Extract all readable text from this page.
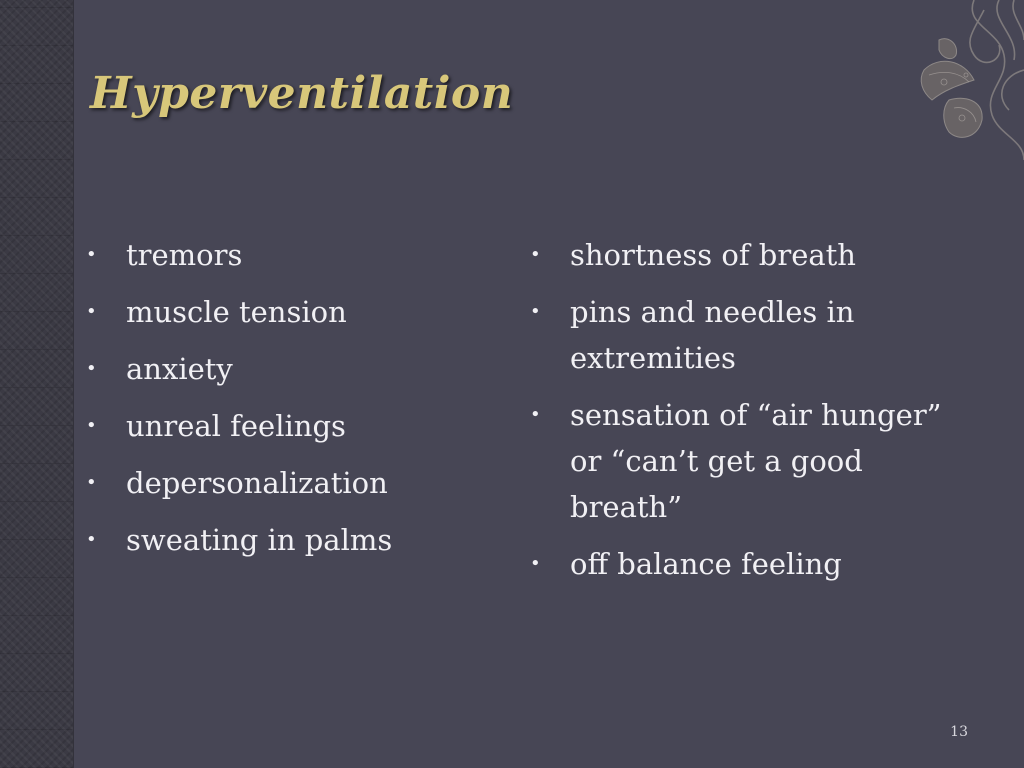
Hyperventilation
• tremors
• muscle tension
• anxiety
• unreal feelings
• depersonalization
• sweating in palms
• shortness of breath
• pins and needles in extremities
• sensation of “air hunger” or “can’t get a good breath”
• off balance feeling
13
